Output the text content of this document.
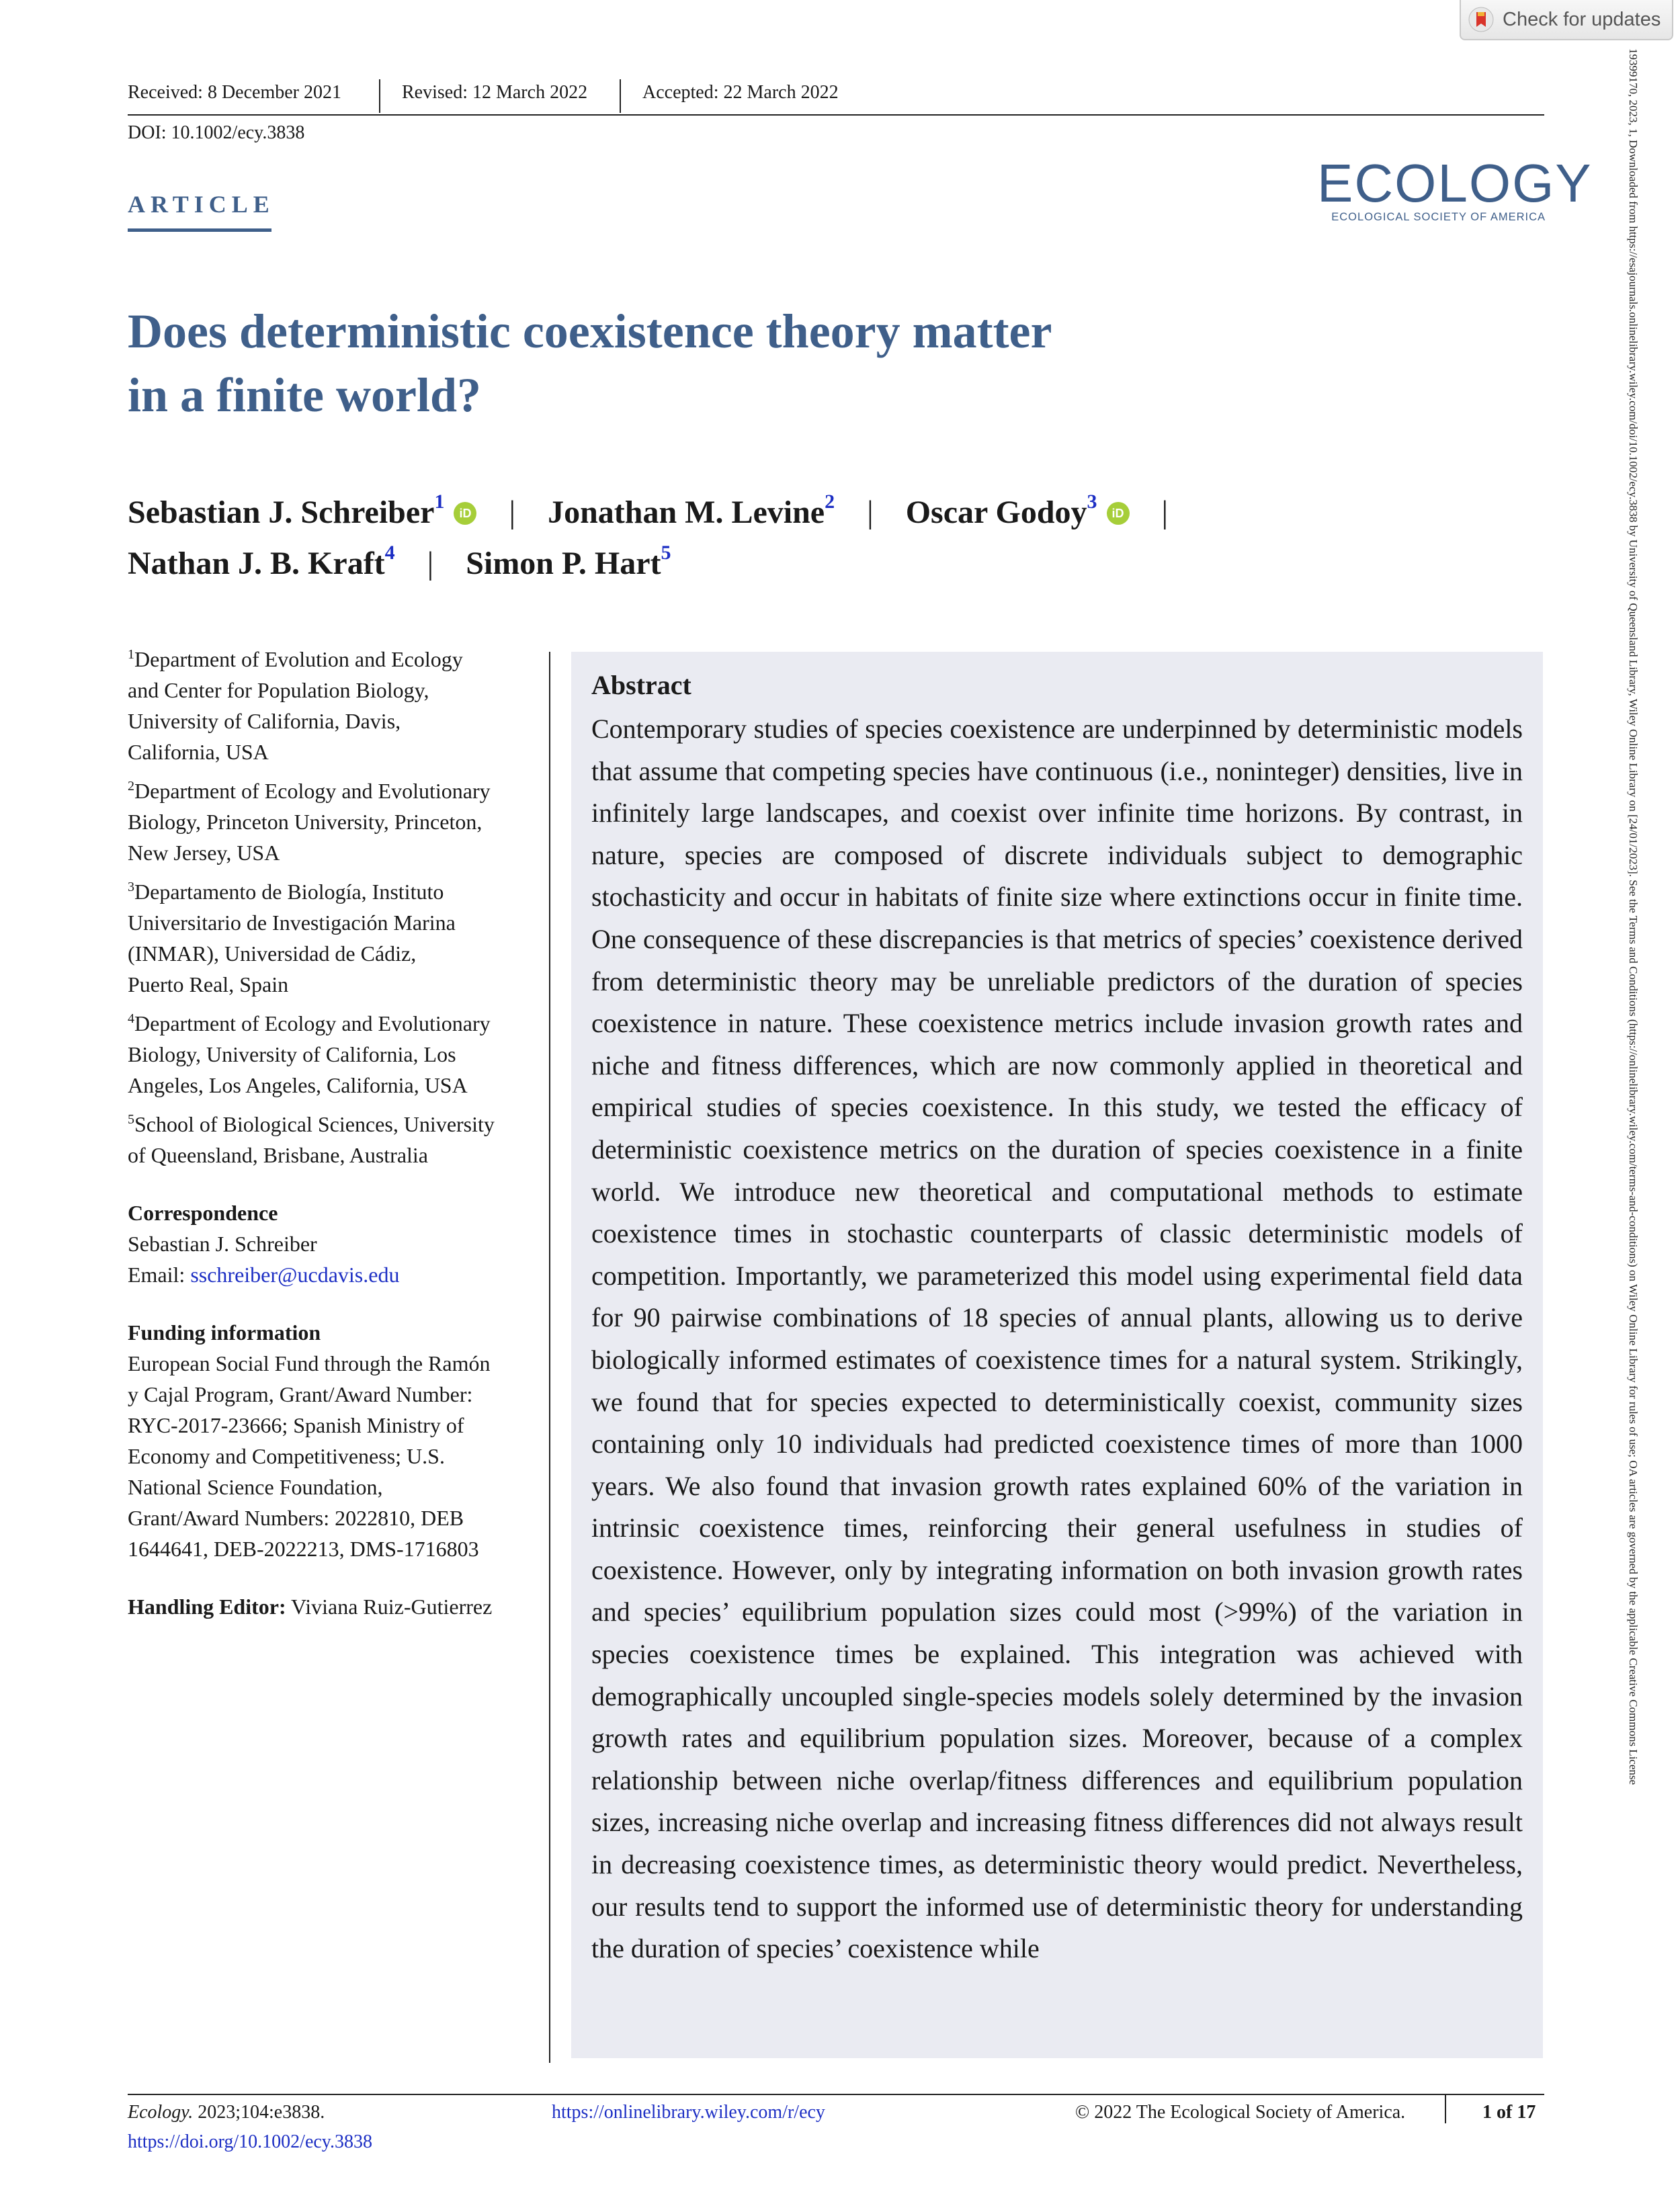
Check for updates
Received: 8 December 2021	Revised: 12 March 2022	Accepted: 22 March 2022
DOI: 10.1002/ecy.3838
ARTICLE	ECOLOGY
ECOLOGICAL SOCIETY OF AMERICA
Does deterministic coexistence theory matter
in a finite world?
Sebastian J. Schreiber$^1$iD | Jonathan M. Levine$^2$ | Oscar Godoy$^3$iD |
Nathan J. B. Kraft$^4$ | Simon P. Hart$^5$
$^1$Department of Evolution and Ecology
and Center for Population Biology,
University of California, Davis,
California, USA
$^2$Department of Ecology and Evolutionary
Biology, Princeton University, Princeton,
New Jersey, USA
$^3$Departamento de Biología, Instituto
Universitario de Investigación Marina
(INMAR), Universidad de Cádiz,
Puerto Real, Spain
$^4$Department of Ecology and Evolutionary
Biology, University of California, Los
Angeles, Los Angeles, California, USA
$^5$School of Biological Sciences, University
of Queensland, Brisbane, Australia
Correspondence
Sebastian J. Schreiber
Email: sschreiber@ucdavis.edu
Funding information
European Social Fund through the Ramón
y Cajal Program, Grant/Award Number:
RYC-2017-23666; Spanish Ministry of
Economy and Competitiveness; U.S.
National Science Foundation,
Grant/Award Numbers: 2022810, DEB
1644641, DEB-2022213, DMS-1716803
Handling Editor: Viviana Ruiz-Gutierrez
Abstract
Contemporary studies of species coexistence are underpinned by deterministic models that assume that competing species have continuous (i.e., noninteger) densities, live in infinitely large landscapes, and coexist over infinite time horizons. By contrast, in nature, species are composed of discrete individuals subject to demographic stochasticity and occur in habitats of finite size where extinctions occur in finite time. One consequence of these discrepancies is that metrics of species’ coexistence derived from deterministic theory may be unreliable predictors of the duration of species coexistence in nature. These coexistence metrics include invasion growth rates and niche and fitness differences, which are now commonly applied in theoretical and empirical studies of species coexistence. In this study, we tested the efficacy of deterministic coexistence metrics on the duration of species coexistence in a finite world. We introduce new theoretical and computational methods to estimate coexistence times in stochastic counterparts of classic deterministic models of competition. Importantly, we parameterized this model using experimental field data for 90 pairwise combinations of 18 species of annual plants, allowing us to derive biologically informed estimates of coexistence times for a natural system. Strikingly, we found that for species expected to deterministically coexist, community sizes containing only 10 individuals had predicted coexistence times of more than 1000 years. We also found that invasion growth rates explained 60% of the variation in intrinsic coexistence times, reinforcing their general usefulness in studies of coexistence. However, only by integrating information on both invasion growth rates and species’ equilibrium population sizes could most (>99%) of the variation in species coexistence times be explained. This integration was achieved with demographically uncoupled single-species models solely determined by the invasion growth rates and equilibrium population sizes. Moreover, because of a complex relationship between niche overlap/fitness differences and equilibrium population sizes, increasing niche overlap and increasing fitness differences did not always result in decreasing coexistence times, as deterministic theory would predict. Nevertheless, our results tend to support the informed use of deterministic theory for understanding the duration of species’ coexistence while
19399170, 2023, 1, Downloaded from https://esajournals.onlinelibrary.wiley.com/doi/10.1002/ecy.3838 by University of Queensland Library, Wiley Online Library on [24/01/2023]. See the Terms and Conditions (https://onlinelibrary.wiley.com/terms-and-conditions) on Wiley Online Library for rules of use; OA articles are governed by the applicable Creative Commons License
Ecology. 2023;104:e3838.
https://doi.org/10.1002/ecy.3838
https://onlinelibrary.wiley.com/r/ecy	© 2022 The Ecological Society of America.	1 of 17
